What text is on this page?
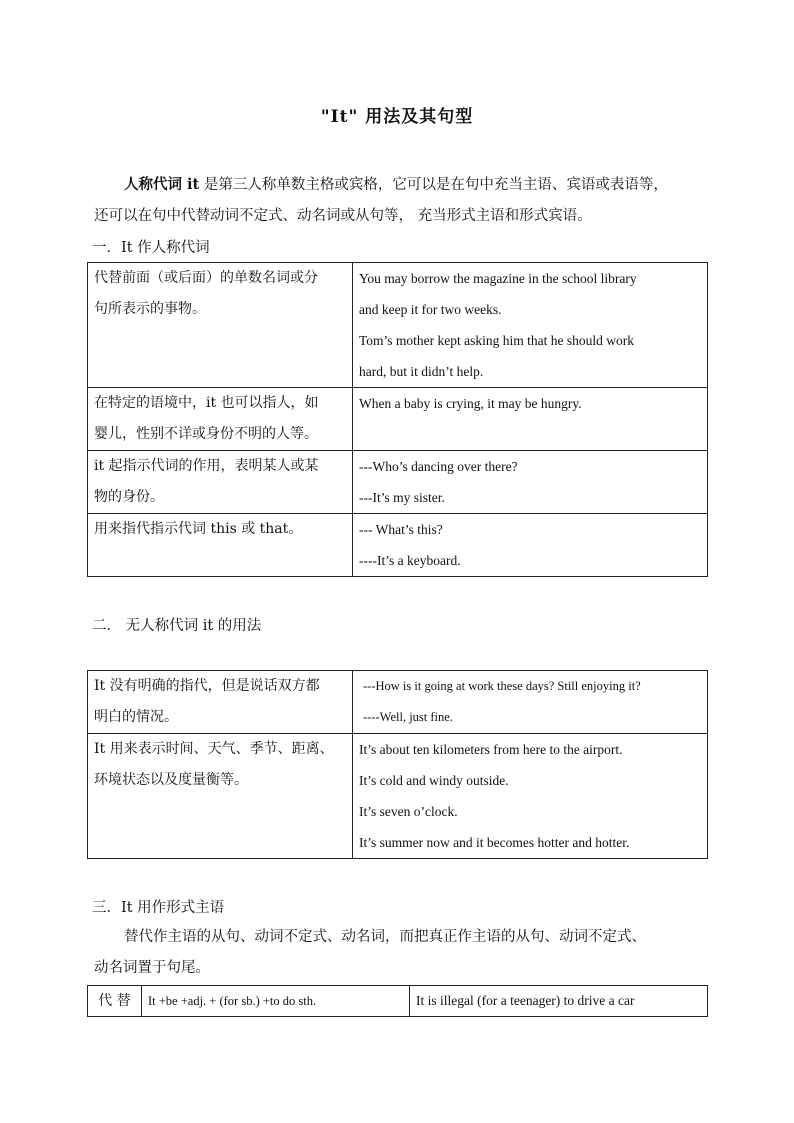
"It" 用法及其句型
人称代词 it 是第三人称单数主格或宾格，它可以是在句中充当主语、宾语或表语等，
还可以在句中代替动词不定式、动名词或从句等， 充当形式主语和形式宾语。
一．It 作人称代词
代替前面（或后面）的单数名词或分
句所表示的事物。	You may borrow the magazine in the school library
and keep it for two weeks.
Tom’s mother kept asking him that he should work
hard, but it didn’t help.

在特定的语境中，it 也可以指人，如
婴儿，性别不详或身份不明的人等。	When a baby is crying, it may be hungry.

it 起指示代词的作用，表明某人或某
物的身份。	---Who’s dancing over there?
---It’s my sister.

用来指代指示代词 this 或 that。	--- What’s this?
----It’s a keyboard.
二． 无人称代词 it 的用法
It 没有明确的指代，但是说话双方都
明白的情况。	---How is it going at work these days? Still enjoying it?
----Well, just fine.

It 用来表示时间、天气、季节、距离、
环境状态以及度量衡等。	It’s about ten kilometers from here to the airport.
It’s cold and windy outside.
It’s seven o’clock.
It’s summer now and it becomes hotter and hotter.
三．It 用作形式主语
替代作主语的从句、动词不定式、动名词，而把真正作主语的从句、动词不定式、
动名词置于句尾。
代 替	It +be +adj. + (for sb.) +to do sth.	It is illegal (for a teenager) to drive a car
